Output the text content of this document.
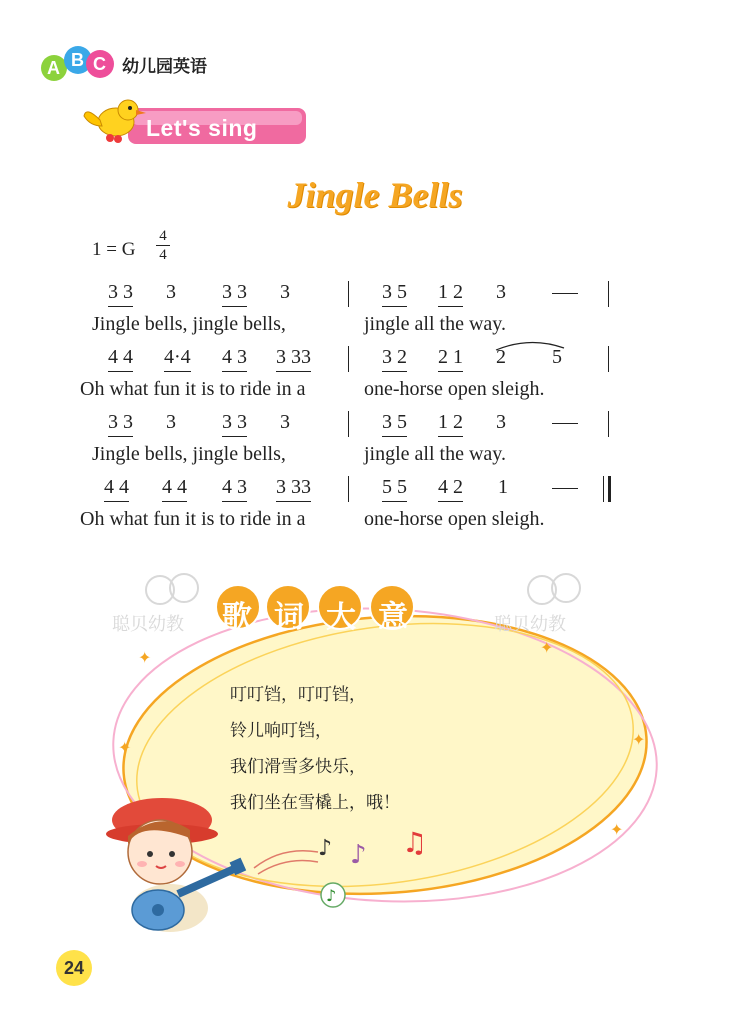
A B C 幼儿园英语
Let's sing
Jingle Bells
1 = G
4
4
3 3 3 3 3 3	3 5 1 2 3
Jingle bells, jingle bells,	jingle all the way.
4 4 4·4 4 3 3 33	3 2 2 1 2 5
Oh what fun it is to ride in a	one-horse open sleigh.
3 3 3 3 3 3	3 5 1 2 3
Jingle bells, jingle bells,	jingle all the way.
4 4 4 4 4 3 3 33	5 5 4 2 1
Oh what fun it is to ride in a	one-horse open sleigh.
✦
✦
✦	✦
✦
聪贝幼教	聪贝幼教
歌词大意
叮叮铛，叮叮铛，
铃儿响叮铛，
我们滑雪多快乐，
我们坐在雪橇上，哦！
♪ ♪ ♫
♪
24
